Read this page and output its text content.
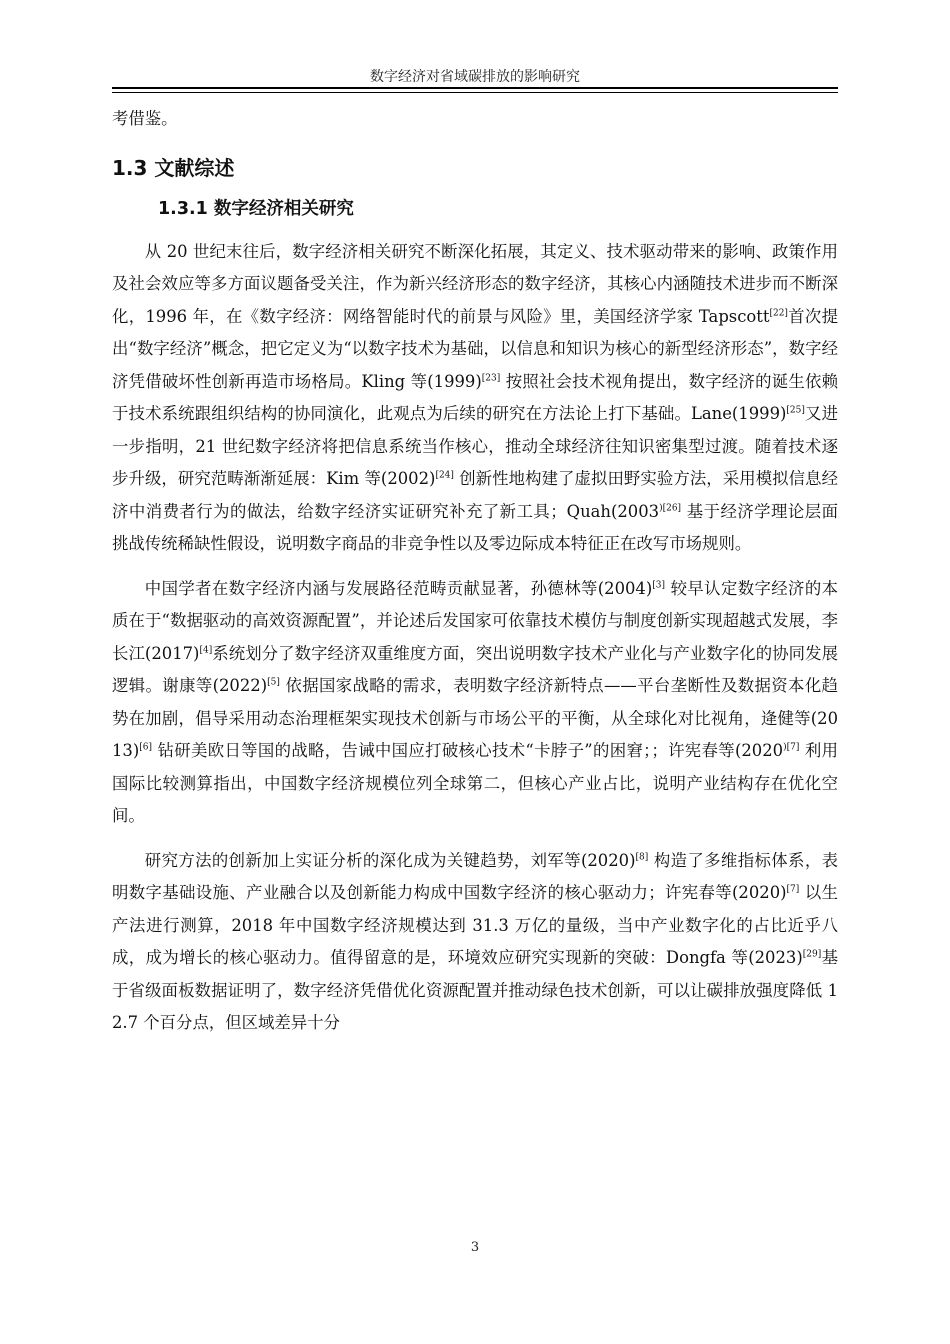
数字经济对省域碳排放的影响研究

考借鉴。

1.3 文献综述
1.3.1 数字经济相关研究

从 20 世纪末往后，数字经济相关研究不断深化拓展，其定义、技术驱动带来的影响、政策作用及社会效应等多方面议题备受关注，作为新兴经济形态的数字经济，其核心内涵随技术进步而不断深化，1996 年，在《数字经济：网络智能时代的前景与风险》里，美国经济学家 Tapscott[22]首次提出“数字经济”概念，把它定义为“以数字技术为基础，以信息和知识为核心的新型经济形态”，数字经济凭借破坏性创新再造市场格局。Kling 等(1999)[23] 按照社会技术视角提出，数字经济的诞生依赖于技术系统跟组织结构的协同演化，此观点为后续的研究在方法论上打下基础。Lane(1999)[25]又进一步指明，21 世纪数字经济将把信息系统当作核心，推动全球经济往知识密集型过渡。随着技术逐步升级，研究范畴渐渐延展：Kim 等(2002)[24] 创新性地构建了虚拟田野实验方法，采用模拟信息经济中消费者行为的做法，给数字经济实证研究补充了新工具；$Quah(2003^{)[26]}$ 基于经济学理论层面挑战传统稀缺性假设，说明数字商品的非竞争性以及零边际成本特征正在改写市场规则。

中国学者在数字经济内涵与发展路径范畴贡献显著，孙德林等(2004)[3] 较早认定数字经济的本质在于“数据驱动的高效资源配置”，并论述后发国家可依靠技术模仿与制度创新实现超越式发展，李长江(2017)[4]系统划分了数字经济双重维度方面，突出说明数字技术产业化与产业数字化的协同发展逻辑。谢康等(2022)[5] 依据国家战略的需求，表明数字经济新特点——平台垄断性及数据资本化趋势在加剧，倡导采用动态治理框架实现技术创新与市场公平的平衡，从全球化对比视角，逄健等(2013)[6] 钻研美欧日等国的战略，告诫中国应打破核心技术“卡脖子”的困窘；；许宪春等($2020^{)[7]}$ 利用国际比较测算指出，中国数字经济规模位列全球第二，但核心产业占比，说明产业结构存在优化空间。

研究方法的创新加上实证分析的深化成为关键趋势，刘军等(2020)[8] 构造了多维指标体系，表明数字基础设施、产业融合以及创新能力构成中国数字经济的核心驱动力；许宪春等(2020)[7] 以生产法进行测算，2018 年中国数字经济规模达到 31.3 万亿的量级，当中产业数字化的占比近乎八成，成为增长的核心驱动力。值得留意的是，环境效应研究实现新的突破：Dongfa 等(2023)[29]基于省级面板数据证明了，数字经济凭借优化资源配置并推动绿色技术创新，可以让碳排放强度降低 12.7 个百分点，但区域差异十分

3
